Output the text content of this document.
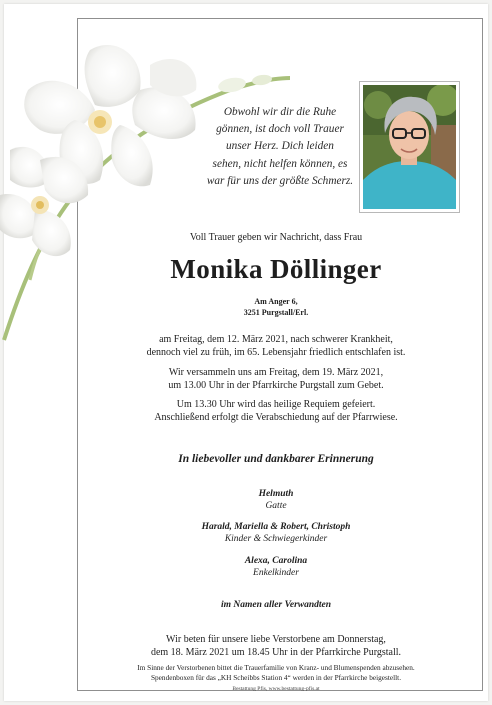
Obwohl wir dir die Ruhe
gönnen, ist doch voll Trauer
unser Herz. Dich leiden
sehen, nicht helfen können, es
war für uns der größte Schmerz.
Voll Trauer geben wir Nachricht, dass Frau
Monika Döllinger
Am Anger 6,
3251 Purgstall/Erl.
am Freitag, dem 12. März 2021, nach schwerer Krankheit,
dennoch viel zu früh, im 65. Lebensjahr friedlich entschlafen ist.
Wir versammeln uns am Freitag, dem 19. März 2021,
um 13.00 Uhr in der Pfarrkirche Purgstall zum Gebet.
Um 13.30 Uhr wird das heilige Requiem gefeiert.
Anschließend erfolgt die Verabschiedung auf der Pfarrwiese.
In liebevoller und dankbarer Erinnerung
Helmuth
Gatte
Harald, Mariella & Robert, Christoph
Kinder & Schwiegerkinder
Alexa, Carolina
Enkelkinder
im Namen aller Verwandten
Wir beten für unsere liebe Verstorbene am Donnerstag,
dem 18. März 2021 um 18.45 Uhr in der Pfarrkirche Purgstall.
Im Sinne der Verstorbenen bittet die Trauerfamilie von Kranz- und Blumenspenden abzusehen.
Spendenboxen für das „KH Scheibbs Station 4“ werden in der Pfarrkirche beigestellt.
Bestattung Pfis, www.bestattung-pfis.at
